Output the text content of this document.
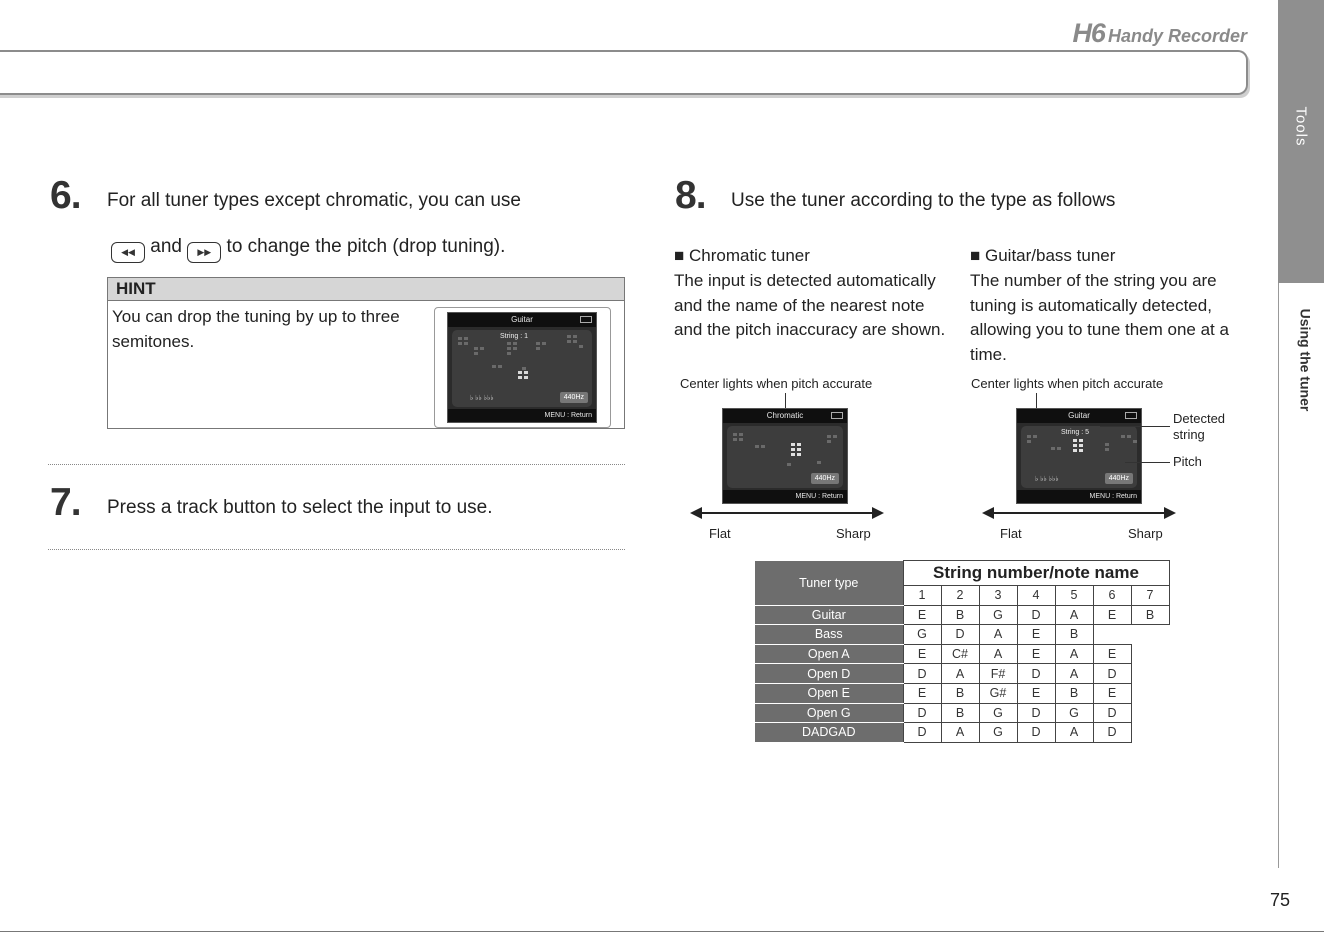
H6 Handy Recorder
Tools
Using the tuner
6. For all tuner types except chromatic, you can use
◀◀ and ▶▶ to change the pitch (drop tuning).
HINT
You can drop the tuning by up to three semitones.
Guitar
String : 1
♭ ♭♭ ♭♭♭	440Hz
MENU : Return
7. Press a track button to select the input to use.
8. Use the tuner according to the type as follows
■ Chromatic tuner
The input is detected automatically and the name of the nearest note and the pitch inaccuracy are shown.
■ Guitar/bass tuner
The number of the string you are tuning is automatically detected, allowing you to tune them one at a time.
Center lights when pitch accurate
Chromatic
440Hz
MENU : Return
Flat	Sharp
Center lights when pitch accurate
Guitar
String : 5
♭ ♭♭ ♭♭♭	440Hz
MENU : Return
Detected string
Pitch
Flat	Sharp
Tuner type	String number/note name						
	1	2	3	4	5	6	7
Guitar	E	B	G	D	A	E	B
Bass	G	D	A	E	B		
Open A	E	C#	A	E	A	E	
Open D	D	A	F#	D	A	D	
Open E	E	B	G#	E	B	E	
Open G	D	B	G	D	G	D	
DADGAD	D	A	G	D	A	D	
75
